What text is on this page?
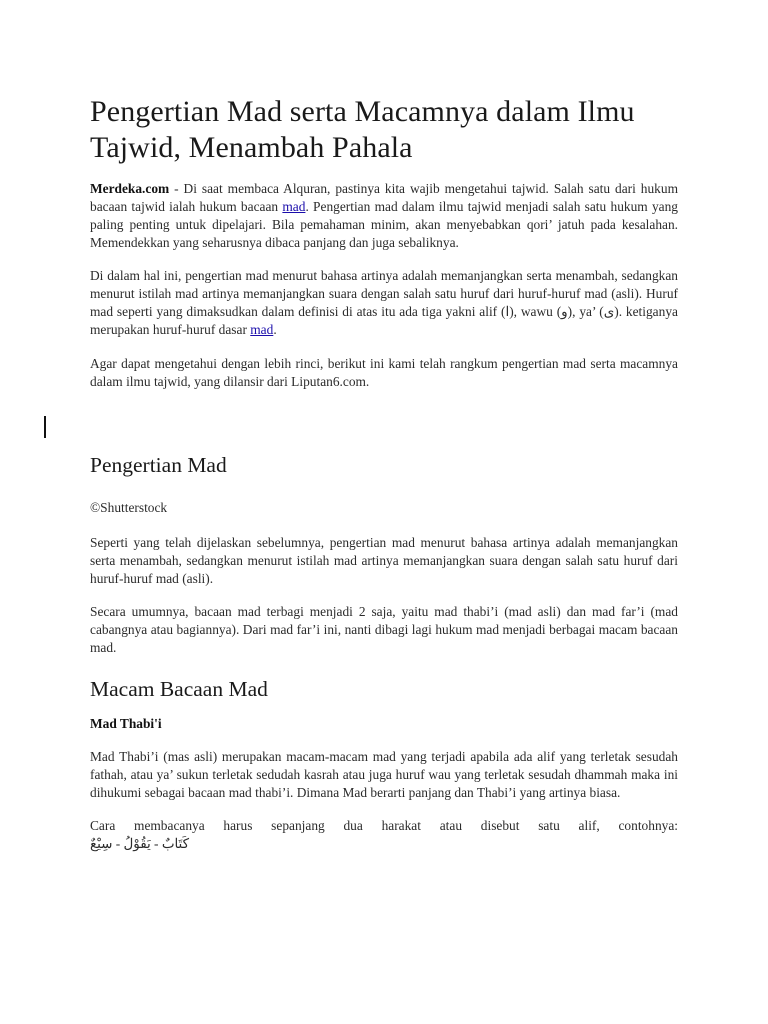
Pengertian Mad serta Macamnya dalam Ilmu Tajwid, Menambah Pahala

Merdeka.com - Di saat membaca Alquran, pastinya kita wajib mengetahui tajwid. Salah satu dari hukum bacaan tajwid ialah hukum bacaan mad. Pengertian mad dalam ilmu tajwid menjadi salah satu hukum yang paling penting untuk dipelajari. Bila pemahaman minim, akan menyebabkan qori’ jatuh pada kesalahan. Memendekkan yang seharusnya dibaca panjang dan juga sebaliknya.

Di dalam hal ini, pengertian mad menurut bahasa artinya adalah memanjangkan serta menambah, sedangkan menurut istilah mad artinya memanjangkan suara dengan salah satu huruf dari huruf-huruf mad (asli). Huruf mad seperti yang dimaksudkan dalam definisi di atas itu ada tiga yakni alif (ا), wawu (و), ya’ (ى). ketiganya merupakan huruf-huruf dasar mad.

Agar dapat mengetahui dengan lebih rinci, berikut ini kami telah rangkum pengertian mad serta macamnya dalam ilmu tajwid, yang dilansir dari Liputan6.com.

Pengertian Mad

©Shutterstock

Seperti yang telah dijelaskan sebelumnya, pengertian mad menurut bahasa artinya adalah memanjangkan serta menambah, sedangkan menurut istilah mad artinya memanjangkan suara dengan salah satu huruf dari huruf-huruf mad (asli).

Secara umumnya, bacaan mad terbagi menjadi 2 saja, yaitu mad thabi’i (mad asli) dan mad far’i (mad cabangnya atau bagiannya). Dari mad far’i ini, nanti dibagi lagi hukum mad menjadi berbagai macam bacaan mad.

Macam Bacaan Mad
Mad Thabi'i

Mad Thabi’i (mas asli) merupakan macam-macam mad yang terjadi apabila ada alif yang terletak sesudah fathah, atau ya’ sukun terletak sedudah kasrah atau juga huruf wau yang terletak sesudah dhammah maka ini dihukumi sebagai bacaan mad thabi’i. Dimana Mad berarti panjang dan Thabi’i yang artinya biasa.

Cara membacanya harus sepanjang dua harakat atau disebut satu alif, contohnya:

كَتَابٌ - يَقُوْلُ - سِيْعٌ
